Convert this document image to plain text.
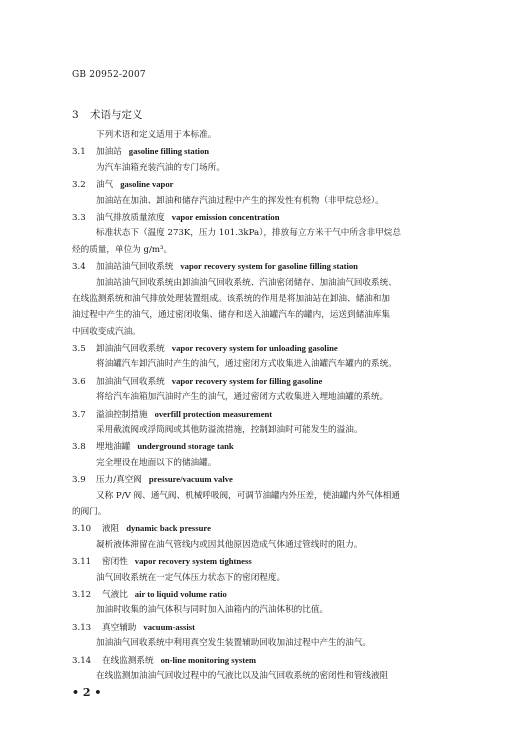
GB 20952-2007
3 术语与定义
下列术语和定义适用于本标准。
3.1 加油站 gasoline filling station
为汽车油箱充装汽油的专门场所。
3.2 油气 gasoline vapor
加油站在加油、卸油和储存汽油过程中产生的挥发性有机物（非甲烷总烃）。
3.3 油气排放质量浓度 vapor emission concentration
标准状态下（温度 273K，压力 101.3kPa），排放每立方米干气中所含非甲烷总
烃的质量，单位为 g/m³。
3.4 加油站油气回收系统 vapor recovery system for gasoline filling station
加油站油气回收系统由卸油油气回收系统、汽油密闭储存、加油油气回收系统、
在线监测系统和油气排放处理装置组成。该系统的作用是将加油站在卸油、储油和加
油过程中产生的油气，通过密闭收集、储存和送入油罐汽车的罐内，运送到储油库集
中回收变成汽油。
3.5 卸油油气回收系统 vapor recovery system for unloading gasoline
将油罐汽车卸汽油时产生的油气，通过密闭方式收集进入油罐汽车罐内的系统。
3.6 加油油气回收系统 vapor recovery system for filling gasoline
将给汽车油箱加汽油时产生的油气，通过密闭方式收集进入埋地油罐的系统。
3.7 溢油控制措施 overfill protection measurement
采用截流阀或浮筒阀或其他防溢流措施，控制卸油时可能发生的溢油。
3.8 埋地油罐 underground storage tank
完全埋设在地面以下的储油罐。
3.9 压力/真空阀 pressure/vacuum valve
又称 P/V 阀、通气阀、机械呼吸阀，可调节油罐内外压差，使油罐内外气体相通
的阀门。
3.10 液阻 dynamic back pressure
凝析液体滞留在油气管线内或因其他原因造成气体通过管线时的阻力。
3.11 密闭性 vapor recovery system tightness
油气回收系统在一定气体压力状态下的密闭程度。
3.12 气液比 air to liquid volume ratio
加油时收集的油气体积与同时加入油箱内的汽油体积的比值。
3.13 真空辅助 vacuum-assist
加油油气回收系统中利用真空发生装置辅助回收加油过程中产生的油气。
3.14 在线监测系统 on-line monitoring system
在线监测加油油气回收过程中的气液比以及油气回收系统的密闭性和管线液阻
• 2 •
